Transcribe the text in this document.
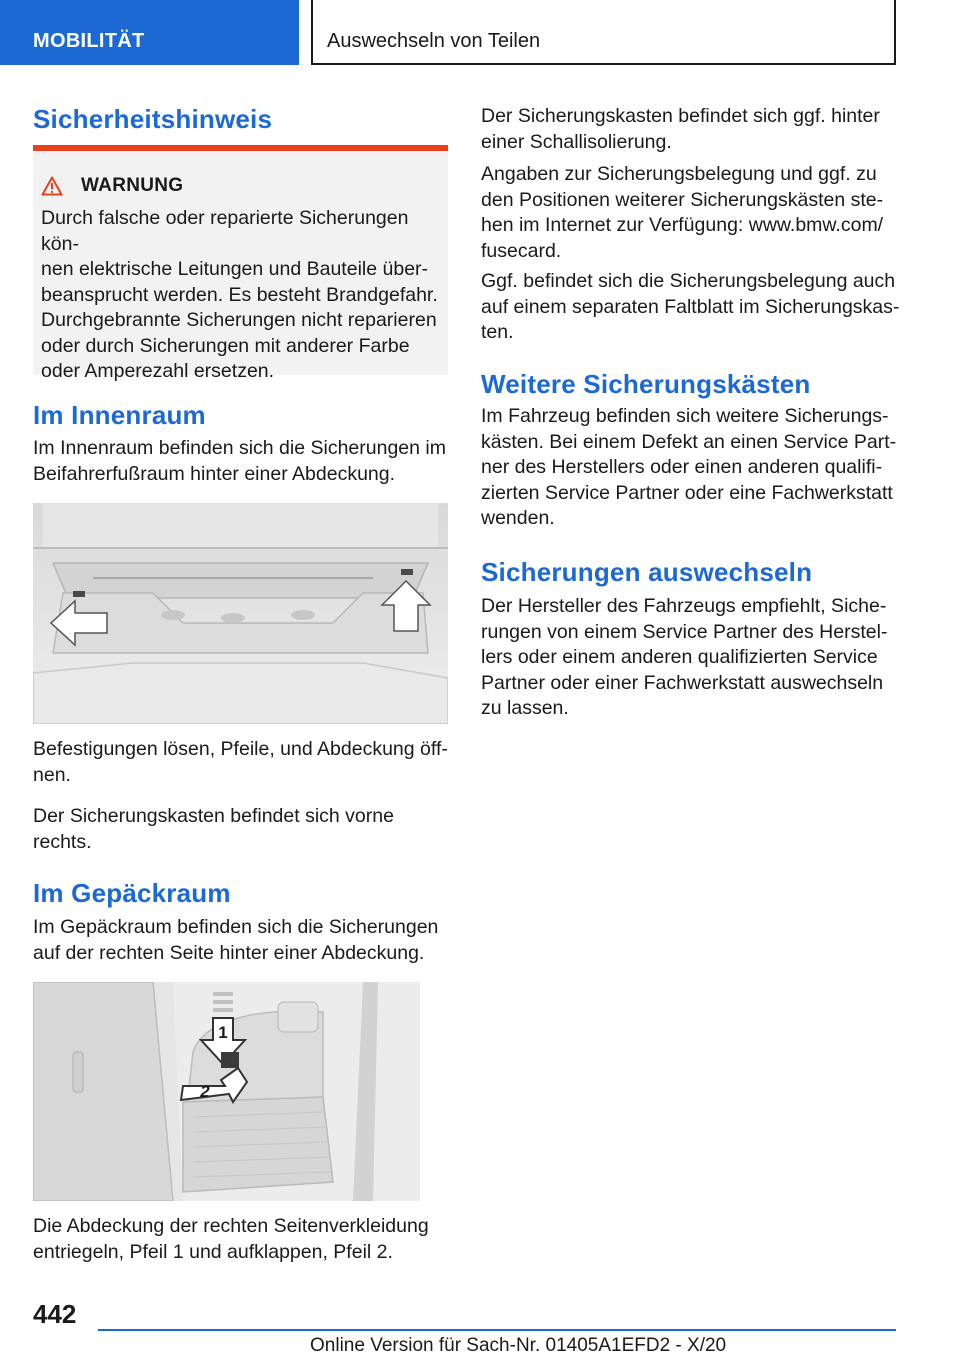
MOBILITÄT	Auswechseln von Teilen
Sicherheitshinweis
WARNUNG
Durch falsche oder reparierte Sicherungen kön-
nen elektrische Leitungen und Bauteile über-
beansprucht werden. Es besteht Brandgefahr.
Durchgebrannte Sicherungen nicht reparieren
oder durch Sicherungen mit anderer Farbe
oder Amperezahl ersetzen.
Im Innenraum

Im Innenraum befinden sich die Sicherungen im
Beifahrerfußraum hinter einer Abdeckung.

Befestigungen lösen, Pfeile, und Abdeckung öff-
nen.

Der Sicherungskasten befindet sich vorne
rechts.

Im Gepäckraum

Im Gepäckraum befinden sich die Sicherungen
auf der rechten Seite hinter einer Abdeckung.

1
2

Die Abdeckung der rechten Seitenverkleidung
entriegeln, Pfeil 1 und aufklappen, Pfeil 2.

Der Sicherungskasten befindet sich ggf. hinter
einer Schallisolierung.

Angaben zur Sicherungsbelegung und ggf. zu
den Positionen weiterer Sicherungskästen ste-
hen im Internet zur Verfügung: www.bmw.com/
fusecard.

Ggf. befindet sich die Sicherungsbelegung auch
auf einem separaten Faltblatt im Sicherungskas-
ten.

Weitere Sicherungskästen

Im Fahrzeug befinden sich weitere Sicherungs-
kästen. Bei einem Defekt an einen Service Part-
ner des Herstellers oder einen anderen qualifi-
zierten Service Partner oder eine Fachwerkstatt
wenden.

Sicherungen auswechseln

Der Hersteller des Fahrzeugs empfiehlt, Siche-
rungen von einem Service Partner des Herstel-
lers oder einem anderen qualifizierten Service
Partner oder einer Fachwerkstatt auswechseln
zu lassen.

442
Online Version für Sach-Nr. 01405A1EFD2 - X/20
